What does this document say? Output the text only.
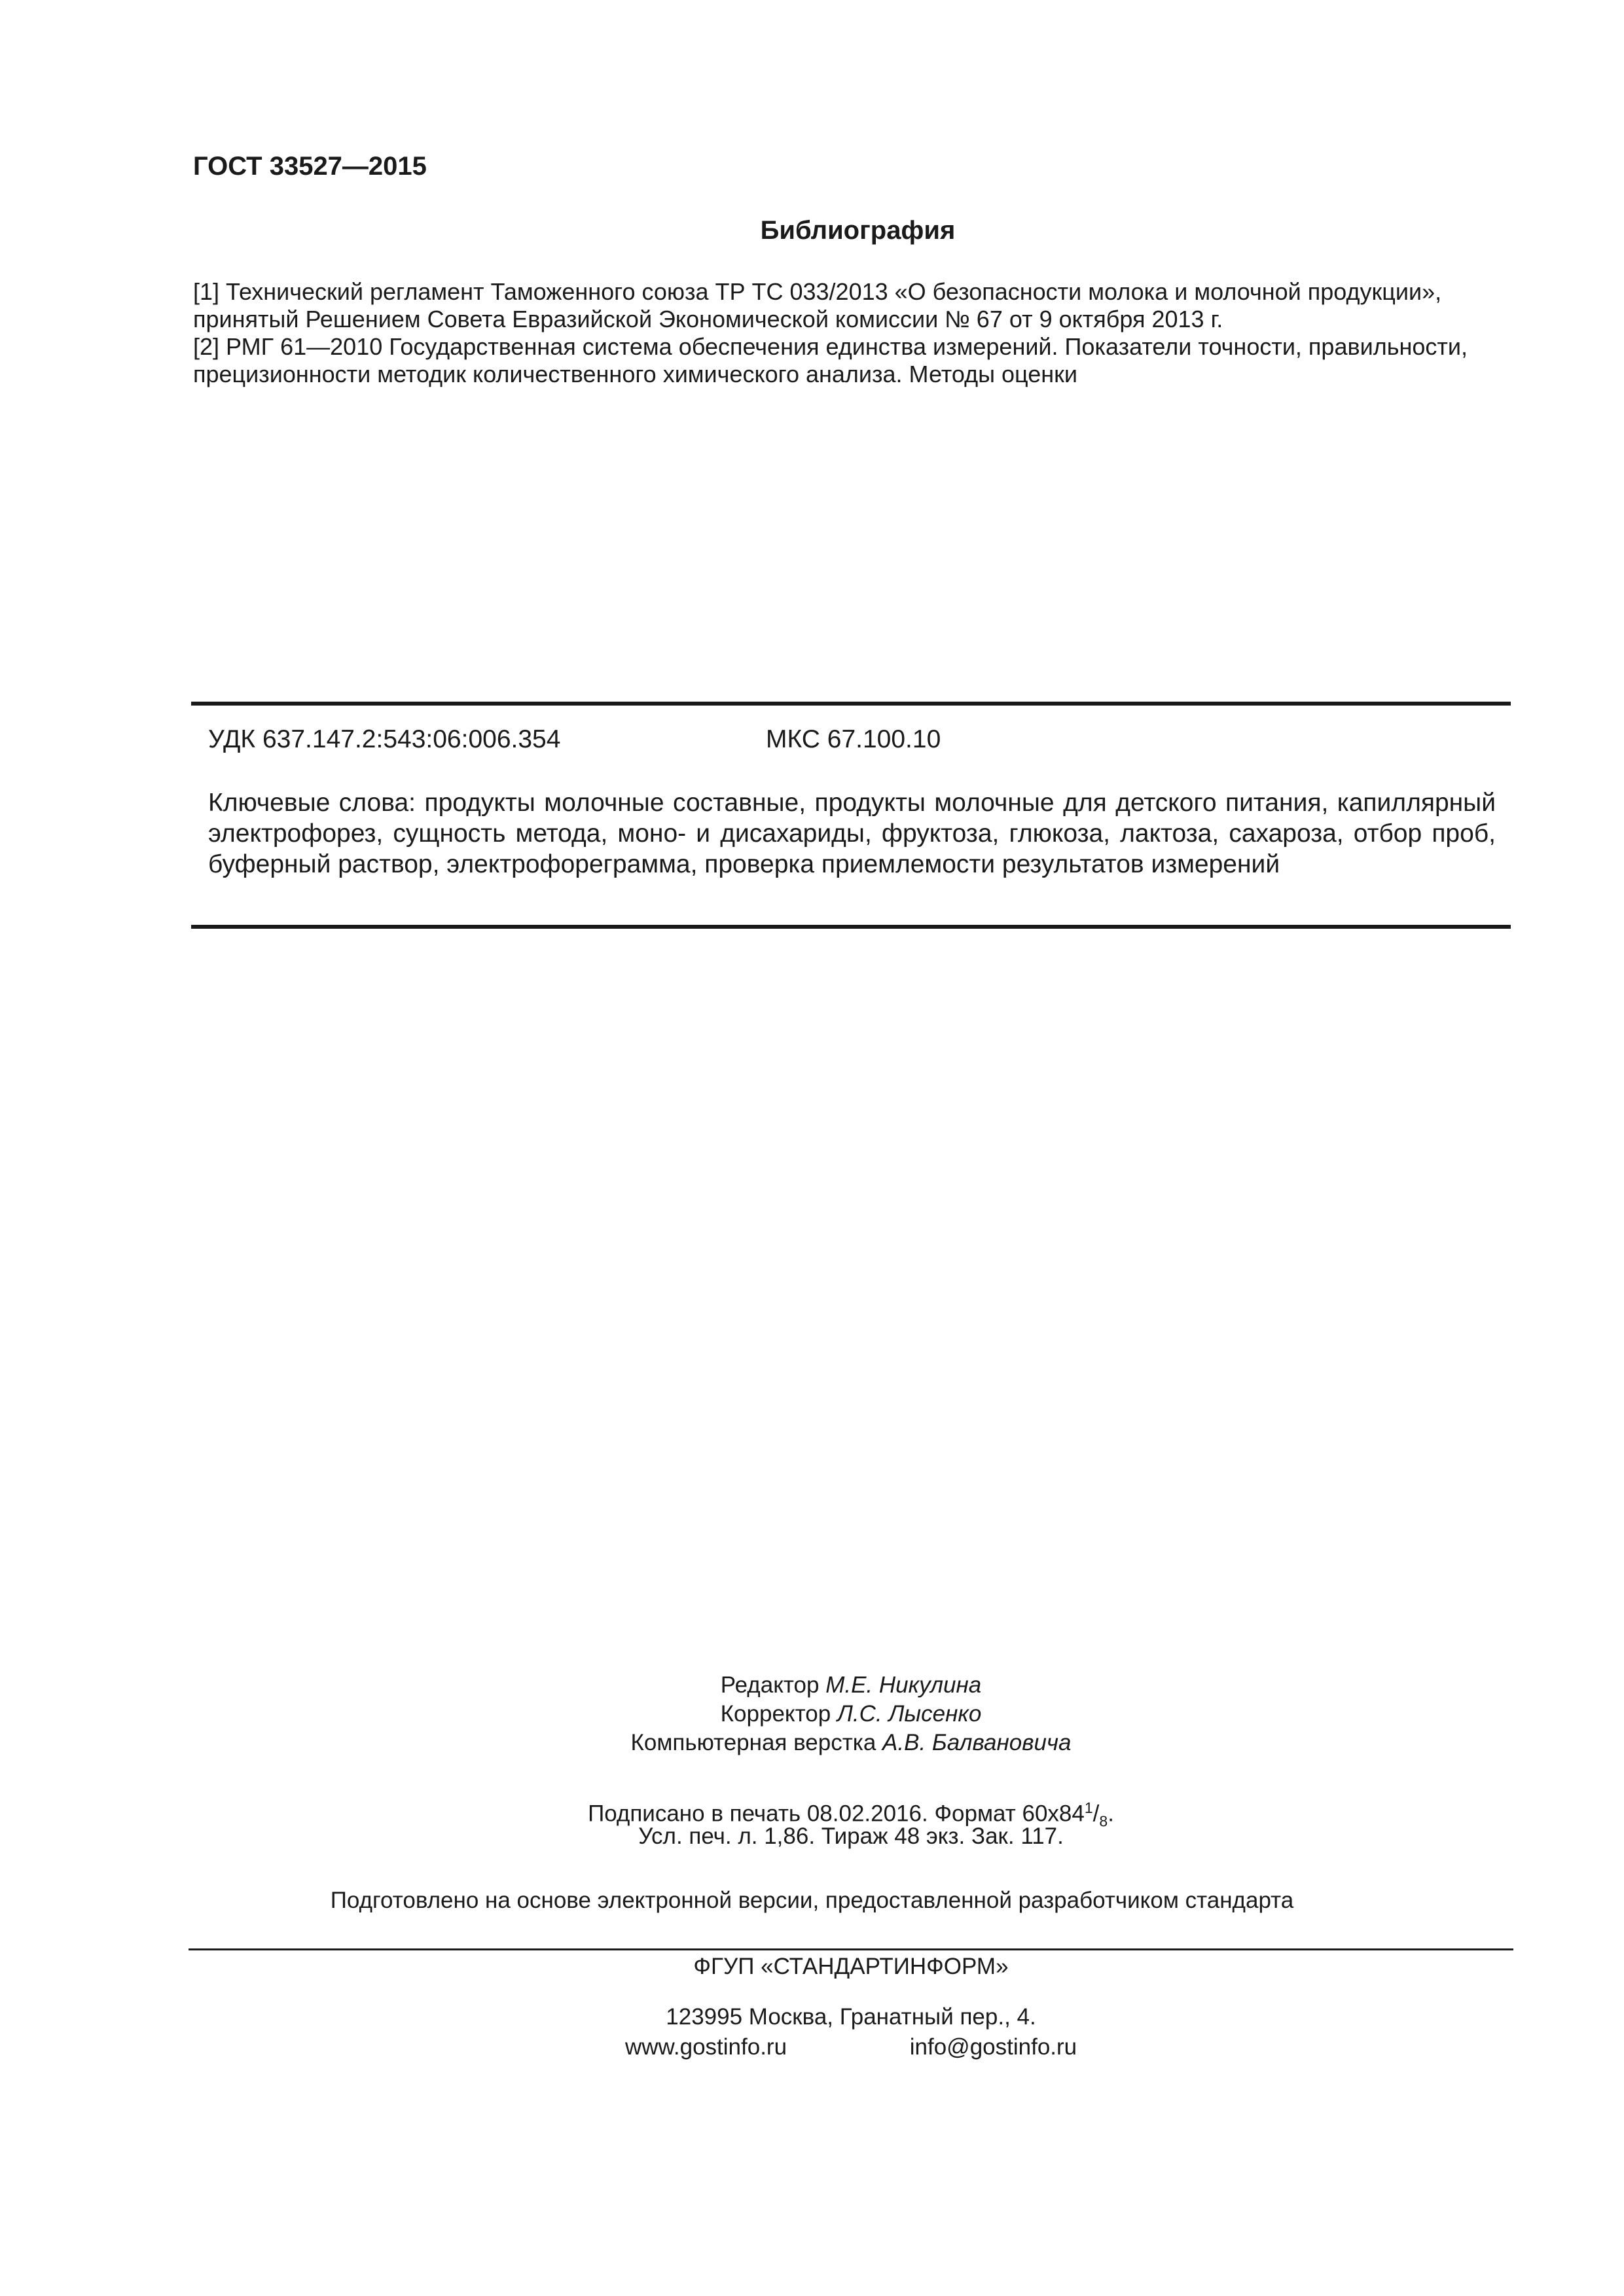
ГОСТ 33527—2015
Библиография

[1] Технический регламент Таможенного союза ТР ТС 033/2013 «О безопасности молока и молочной продукции», принятый Решением Совета Евразийской Экономической комиссии № 67 от 9 октября 2013 г.

[2] РМГ 61—2010 Государственная система обеспечения единства измерений. Показатели точности, правильности, прецизионности методик количественного химического анализа. Методы оценки

УДК 637.147.2:543:06:006.354	МКС 67.100.10
Ключевые слова: продукты молочные составные, продукты молочные для детского питания, капиллярный электрофорез, сущность метода, моно- и дисахариды, фруктоза, глюкоза, лактоза, сахароза, отбор проб, буферный раствор, электрофореграмма, проверка приемлемости результатов измерений
Редактор М.Е. Никулина
Корректор Л.С. Лысенко
Компьютерная верстка А.В. Балвановича
Подписано в печать 08.02.2016. Формат $60х84^1/_8$.
Усл. печ. л. 1,86. Тираж 48 экз. Зак. 117.
Подготовлено на основе электронной версии, предоставленной разработчиком стандарта
ФГУП «СТАНДАРТИНФОРМ»
123995 Москва, Гранатный пер., 4.
www.gostinfo.ru	info@gostinfo.ru
